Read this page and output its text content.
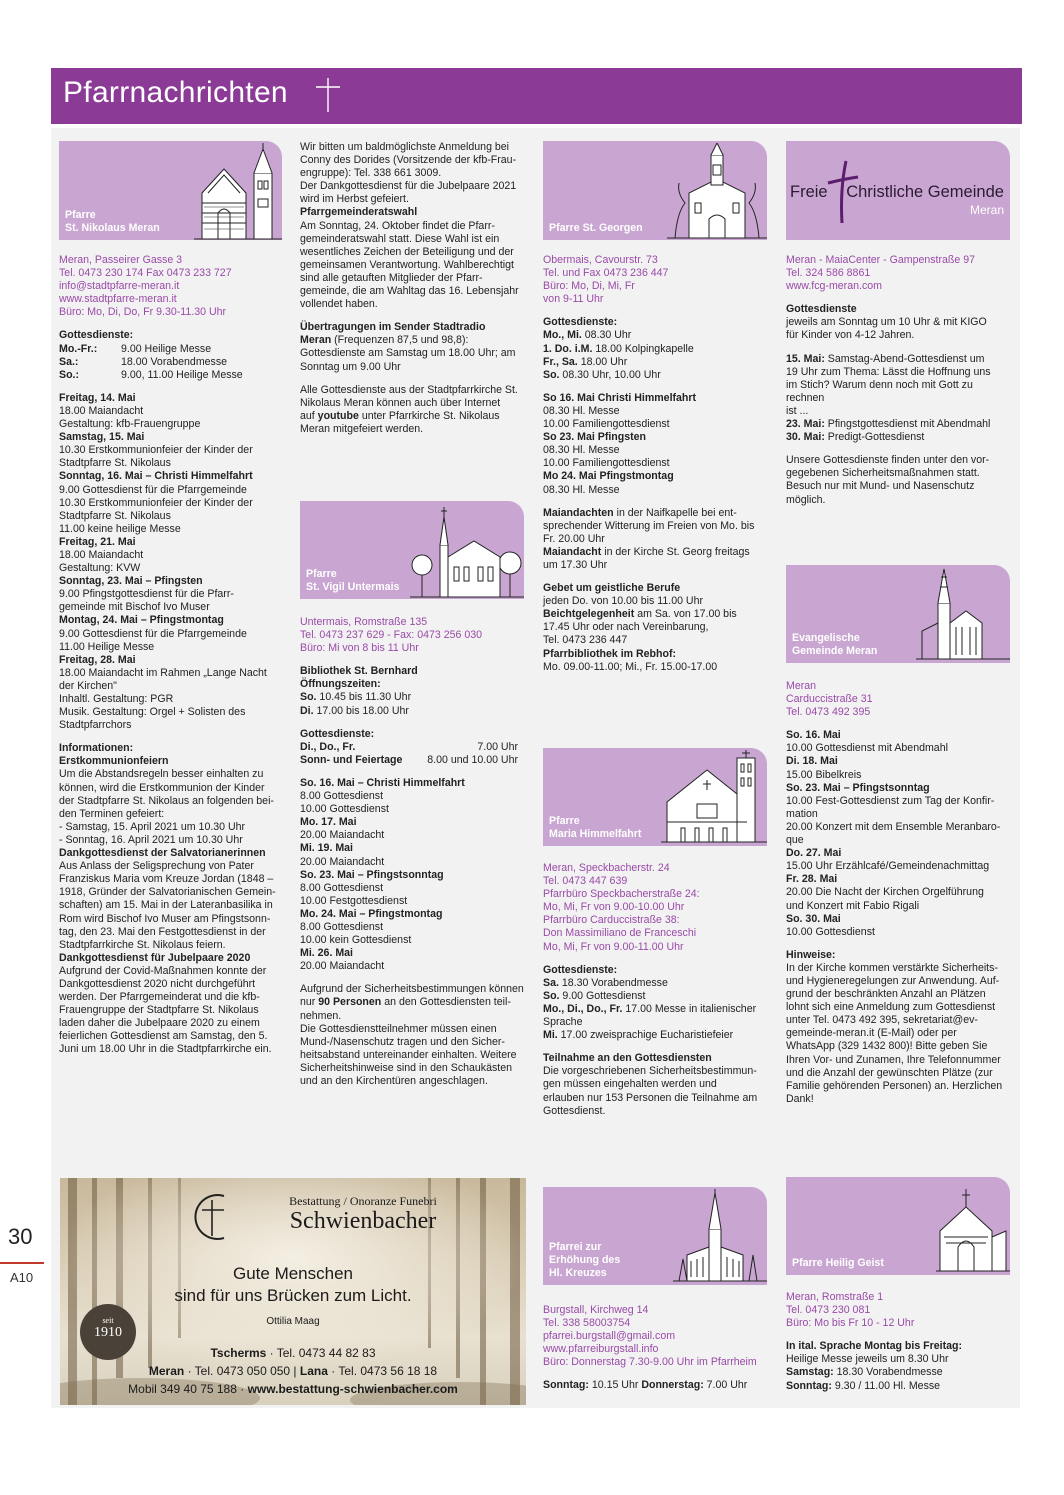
30
A10
Pfarrnachrichten
Pfarre
St. Nikolaus Meran

Meran, Passeirer Gasse 3

Tel. 0473 230 174 Fax 0473 233 727

info@stadtpfarre-meran.it

www.stadtpfarre-meran.it

Büro: Mo, Di, Do, Fr 9.30-11.30 Uhr

Gottesdienste:

Mo.-Fr.:	9.00 Heilige Messe
Sa.:	18.00 Vorabendmesse
So.:	9.00, 11.00 Heilige Messe

Freitag, 14. Mai

18.00 Maiandacht

Gestaltung: kfb-Frauengruppe

Samstag, 15. Mai

10.30 Erstkommunionfeier der Kinder der

Stadtpfarre St. Nikolaus

Sonntag, 16. Mai – Christi Himmelfahrt

9.00 Gottesdienst für die Pfarrgemeinde

10.30 Erstkommunionfeier der Kinder der

Stadtpfarre St. Nikolaus

11.00 keine heilige Messe

Freitag, 21. Mai

18.00 Maiandacht

Gestaltung: KVW

Sonntag, 23. Mai – Pfingsten

9.00 Pfingstgottesdienst für die Pfarr-

gemeinde mit Bischof Ivo Muser

Montag, 24. Mai – Pfingstmontag

9.00 Gottesdienst für die Pfarrgemeinde

11.00 Heilige Messe

Freitag, 28. Mai

18.00 Maiandacht im Rahmen „Lange Nacht

der Kirchen"

Inhaltl. Gestaltung: PGR

Musik. Gestaltung: Orgel + Solisten des

Stadtpfarrchors

Informationen:

Erstkommunionfeiern

Um die Abstandsregeln besser einhalten zu

können, wird die Erstkommunion der Kinder

der Stadtpfarre St. Nikolaus an folgenden bei-

den Terminen gefeiert:

- Samstag, 15. April 2021 um 10.30 Uhr

- Sonntag, 16. April 2021 um 10.30 Uhr

Dankgottesdienst der Salvatorianerinnen

Aus Anlass der Seligsprechung von Pater

Franziskus Maria vom Kreuze Jordan (1848 –

1918, Gründer der Salvatorianischen Gemein-

schaften) am 15. Mai in der Lateranbasilika in

Rom wird Bischof Ivo Muser am Pfingstsonn-

tag, den 23. Mai den Festgottesdienst in der

Stadtpfarrkirche St. Nikolaus feiern.

Dankgottesdienst für Jubelpaare 2020

Aufgrund der Covid-Maßnahmen konnte der

Dankgottesdienst 2020 nicht durchgeführt

werden. Der Pfarrgemeinderat und die kfb-

Frauengruppe der Stadtpfarre St. Nikolaus

laden daher die Jubelpaare 2020 zu einem

feierlichen Gottesdienst am Samstag, den 5.

Juni um 18.00 Uhr in die Stadtpfarrkirche ein.

Wir bitten um baldmöglichste Anmeldung bei

Conny des Dorides (Vorsitzende der kfb-Frau-

engruppe): Tel. 338 661 3009.

Der Dankgottesdienst für die Jubelpaare 2021

wird im Herbst gefeiert.

Pfarrgemeinderatswahl

Am Sonntag, 24. Oktober findet die Pfarr-

gemeinderatswahl statt. Diese Wahl ist ein

wesentliches Zeichen der Beteiligung und der

gemeinsamen Verantwortung. Wahlberechtigt

sind alle getauften Mitglieder der Pfarr-

gemeinde, die am Wahltag das 16. Lebensjahr

vollendet haben.

Übertragungen im Sender Stadtradio

Meran (Frequenzen 87,5 und 98,8):

Gottesdienste am Samstag um 18.00 Uhr; am

Sonntag um 9.00 Uhr

Alle Gottesdienste aus der Stadtpfarrkirche St.

Nikolaus Meran können auch über Internet

auf youtube unter Pfarrkirche St. Nikolaus

Meran mitgefeiert werden.

Pfarre
St. Vigil Untermais

Untermais, Romstraße 135

Tel. 0473 237 629 - Fax: 0473 256 030

Büro: Mi von 8 bis 11 Uhr

Bibliothek St. Bernhard

Öffnungszeiten:

So. 10.45 bis 11.30 Uhr

Di. 17.00 bis 18.00 Uhr

Gottesdienste:

Di., Do., Fr.	7.00 Uhr
Sonn- und Feiertage 8.00 und 10.00 Uhr

So. 16. Mai – Christi Himmelfahrt

8.00 Gottesdienst

10.00 Gottesdienst

Mo. 17. Mai

20.00 Maiandacht

Mi. 19. Mai

20.00 Maiandacht

So. 23. Mai – Pfingstsonntag

8.00 Gottesdienst

10.00 Festgottesdienst

Mo. 24. Mai – Pfingstmontag

8.00 Gottesdienst

10.00 kein Gottesdienst

Mi. 26. Mai

20.00 Maiandacht

Aufgrund der Sicherheitsbestimmungen können

nur 90 Personen an den Gottesdiensten teil-

nehmen.

Die Gottesdienstteilnehmer müssen einen

Mund-/Nasenschutz tragen und den Sicher-

heitsabstand untereinander einhalten. Weitere

Sicherheitshinweise sind in den Schaukästen

und an den Kirchentüren angeschlagen.

Pfarre St. Georgen

Obermais, Cavourstr. 73

Tel. und Fax 0473 236 447

Büro: Mo, Di, Mi, Fr

von 9-11 Uhr

Gottesdienste:

Mo., Mi. 08.30 Uhr

1. Do. i.M. 18.00 Kolpingkapelle

Fr., Sa. 18.00 Uhr

So. 08.30 Uhr, 10.00 Uhr

So 16. Mai Christi Himmelfahrt

08.30 Hl. Messe

10.00 Familiengottesdienst

So 23. Mai Pfingsten

08.30 Hl. Messe

10.00 Familiengottesdienst

Mo 24. Mai Pfingstmontag

08.30 Hl. Messe

Maiandachten in der Naifkapelle bei ent-

sprechender Witterung im Freien von Mo. bis

Fr. 20.00 Uhr

Maiandacht in der Kirche St. Georg freitags

um 17.30 Uhr

Gebet um geistliche Berufe

jeden Do. von 10.00 bis 11.00 Uhr

Beichtgelegenheit am Sa. von 17.00 bis

17.45 Uhr oder nach Vereinbarung,

Tel. 0473 236 447

Pfarrbibliothek im Rebhof:

Mo. 09.00-11.00; Mi., Fr. 15.00-17.00

Pfarre
Maria Himmelfahrt

Meran, Speckbacherstr. 24

Tel. 0473 447 639

Pfarrbüro Speckbacherstraße 24:

Mo, Mi, Fr von 9.00-10.00 Uhr

Pfarrbüro Carduccistraße 38:

Don Massimiliano de Franceschi

Mo, Mi, Fr von 9.00-11.00 Uhr

Gottesdienste:

Sa. 18.30 Vorabendmesse

So. 9.00 Gottesdienst

Mo., Di., Do., Fr. 17.00 Messe in italienischer

Sprache

Mi. 17.00 zweisprachige Eucharistiefeier

Teilnahme an den Gottesdiensten

Die vorgeschriebenen Sicherheitsbestimmun-

gen müssen eingehalten werden und

erlauben nur 153 Personen die Teilnahme am

Gottesdienst.

Pfarrei zur
Erhöhung des
Hl. Kreuzes

Burgstall, Kirchweg 14

Tel. 338 58003754

pfarrei.burgstall@gmail.com

www.pfarreiburgstall.info

Büro: Donnerstag 7.30-9.00 Uhr im Pfarrheim

Sonntag: 10.15 Uhr Donnerstag: 7.00 Uhr

Freie Christliche Gemeinde
Meran

Meran - MaiaCenter - Gampenstraße 97

Tel. 324 586 8861

www.fcg-meran.com

Gottesdienste

jeweils am Sonntag um 10 Uhr & mit KIGO

für Kinder von 4-12 Jahren.

15. Mai: Samstag-Abend-Gottesdienst um

19 Uhr zum Thema: Lässt die Hoffnung uns

im Stich? Warum denn noch mit Gott zu rechnen

ist ...

23. Mai: Pfingstgottesdienst mit Abendmahl

30. Mai: Predigt-Gottesdienst

Unsere Gottesdienste finden unter den vor-

gegebenen Sicherheitsmaßnahmen statt.

Besuch nur mit Mund- und Nasenschutz

möglich.

Evangelische
Gemeinde Meran

Meran

Carduccistraße 31

Tel. 0473 492 395

So. 16. Mai

10.00 Gottesdienst mit Abendmahl

Di. 18. Mai

15.00 Bibelkreis

So. 23. Mai – Pfingstsonntag

10.00 Fest-Gottesdienst zum Tag der Konfir-

mation

20.00 Konzert mit dem Ensemble Meranbaro-

que

Do. 27. Mai

15.00 Uhr Erzählcafé/Gemeindenachmittag

Fr. 28. Mai

20.00 Die Nacht der Kirchen Orgelführung

und Konzert mit Fabio Rigali

So. 30. Mai

10.00 Gottesdienst

Hinweise:

In der Kirche kommen verstärkte Sicherheits-

und Hygieneregelungen zur Anwendung. Auf-

grund der beschränkten Anzahl an Plätzen

lohnt sich eine Anmeldung zum Gottesdienst

unter Tel. 0473 492 395, sekretariat@ev-

gemeinde-meran.it (E-Mail) oder per

WhatsApp (329 1432 800)! Bitte geben Sie

Ihren Vor- und Zunamen, Ihre Telefonnummer

und die Anzahl der gewünschten Plätze (zur

Familie gehörenden Personen) an. Herzlichen

Dank!

Pfarre Heilig Geist

Meran, Romstraße 1

Tel. 0473 230 081

Büro: Mo bis Fr 10 - 12 Uhr

In ital. Sprache Montag bis Freitag:

Heilige Messe jeweils um 8.30 Uhr

Samstag: 18.30 Vorabendmesse

Sonntag: 9.30 / 11.00 Hl. Messe

Bestattung / Onoranze Funebri
Schwienbacher
Gute Menschen
sind für uns Brücken zum Licht.
Ottilia Maag
seit
1910
Tscherms · Tel. 0473 44 82 83
Meran · Tel. 0473 050 050 | Lana · Tel. 0473 56 18 18
Mobil 349 40 75 188 · www.bestattung-schwienbacher.com
